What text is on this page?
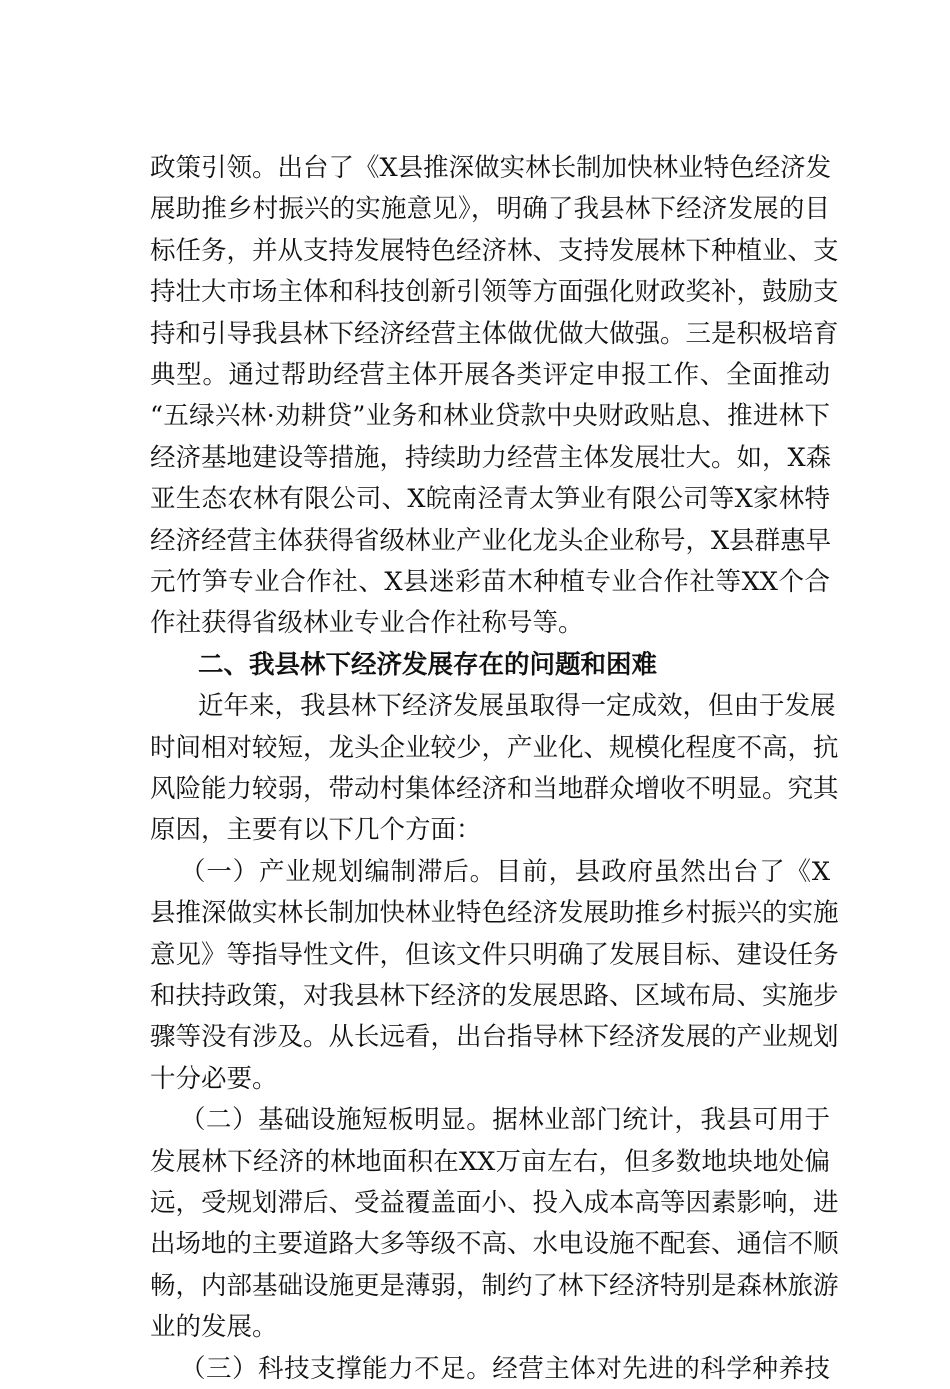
政策引领。出台了《X县推深做实林长制加快林业特色经济发
展助推乡村振兴的实施意见》，明确了我县林下经济发展的目
标任务，并从支持发展特色经济林、支持发展林下种植业、支
持壮大市场主体和科技创新引领等方面强化财政奖补，鼓励支
持和引导我县林下经济经营主体做优做大做强。三是积极培育
典型。通过帮助经营主体开展各类评定申报工作、全面推动
“五绿兴林·劝耕贷”业务和林业贷款中央财政贴息、推进林下
经济基地建设等措施，持续助力经营主体发展壮大。如，X森
亚生态农林有限公司、X皖南泾青太笋业有限公司等X家林特
经济经营主体获得省级林业产业化龙头企业称号，X县群惠早
元竹笋专业合作社、X县迷彩苗木种植专业合作社等XX个合
作社获得省级林业专业合作社称号等。
二、我县林下经济发展存在的问题和困难
近年来，我县林下经济发展虽取得一定成效，但由于发展
时间相对较短，龙头企业较少，产业化、规模化程度不高，抗
风险能力较弱，带动村集体经济和当地群众增收不明显。究其
原因，主要有以下几个方面：
（一）产业规划编制滞后。目前，县政府虽然出台了《X
县推深做实林长制加快林业特色经济发展助推乡村振兴的实施
意见》等指导性文件，但该文件只明确了发展目标、建设任务
和扶持政策，对我县林下经济的发展思路、区域布局、实施步
骤等没有涉及。从长远看，出台指导林下经济发展的产业规划
十分必要。
（二）基础设施短板明显。据林业部门统计，我县可用于
发展林下经济的林地面积在XX万亩左右，但多数地块地处偏
远，受规划滞后、受益覆盖面小、投入成本高等因素影响，进
出场地的主要道路大多等级不高、水电设施不配套、通信不顺
畅，内部基础设施更是薄弱，制约了林下经济特别是森林旅游
业的发展。
（三）科技支撑能力不足。经营主体对先进的科学种养技
